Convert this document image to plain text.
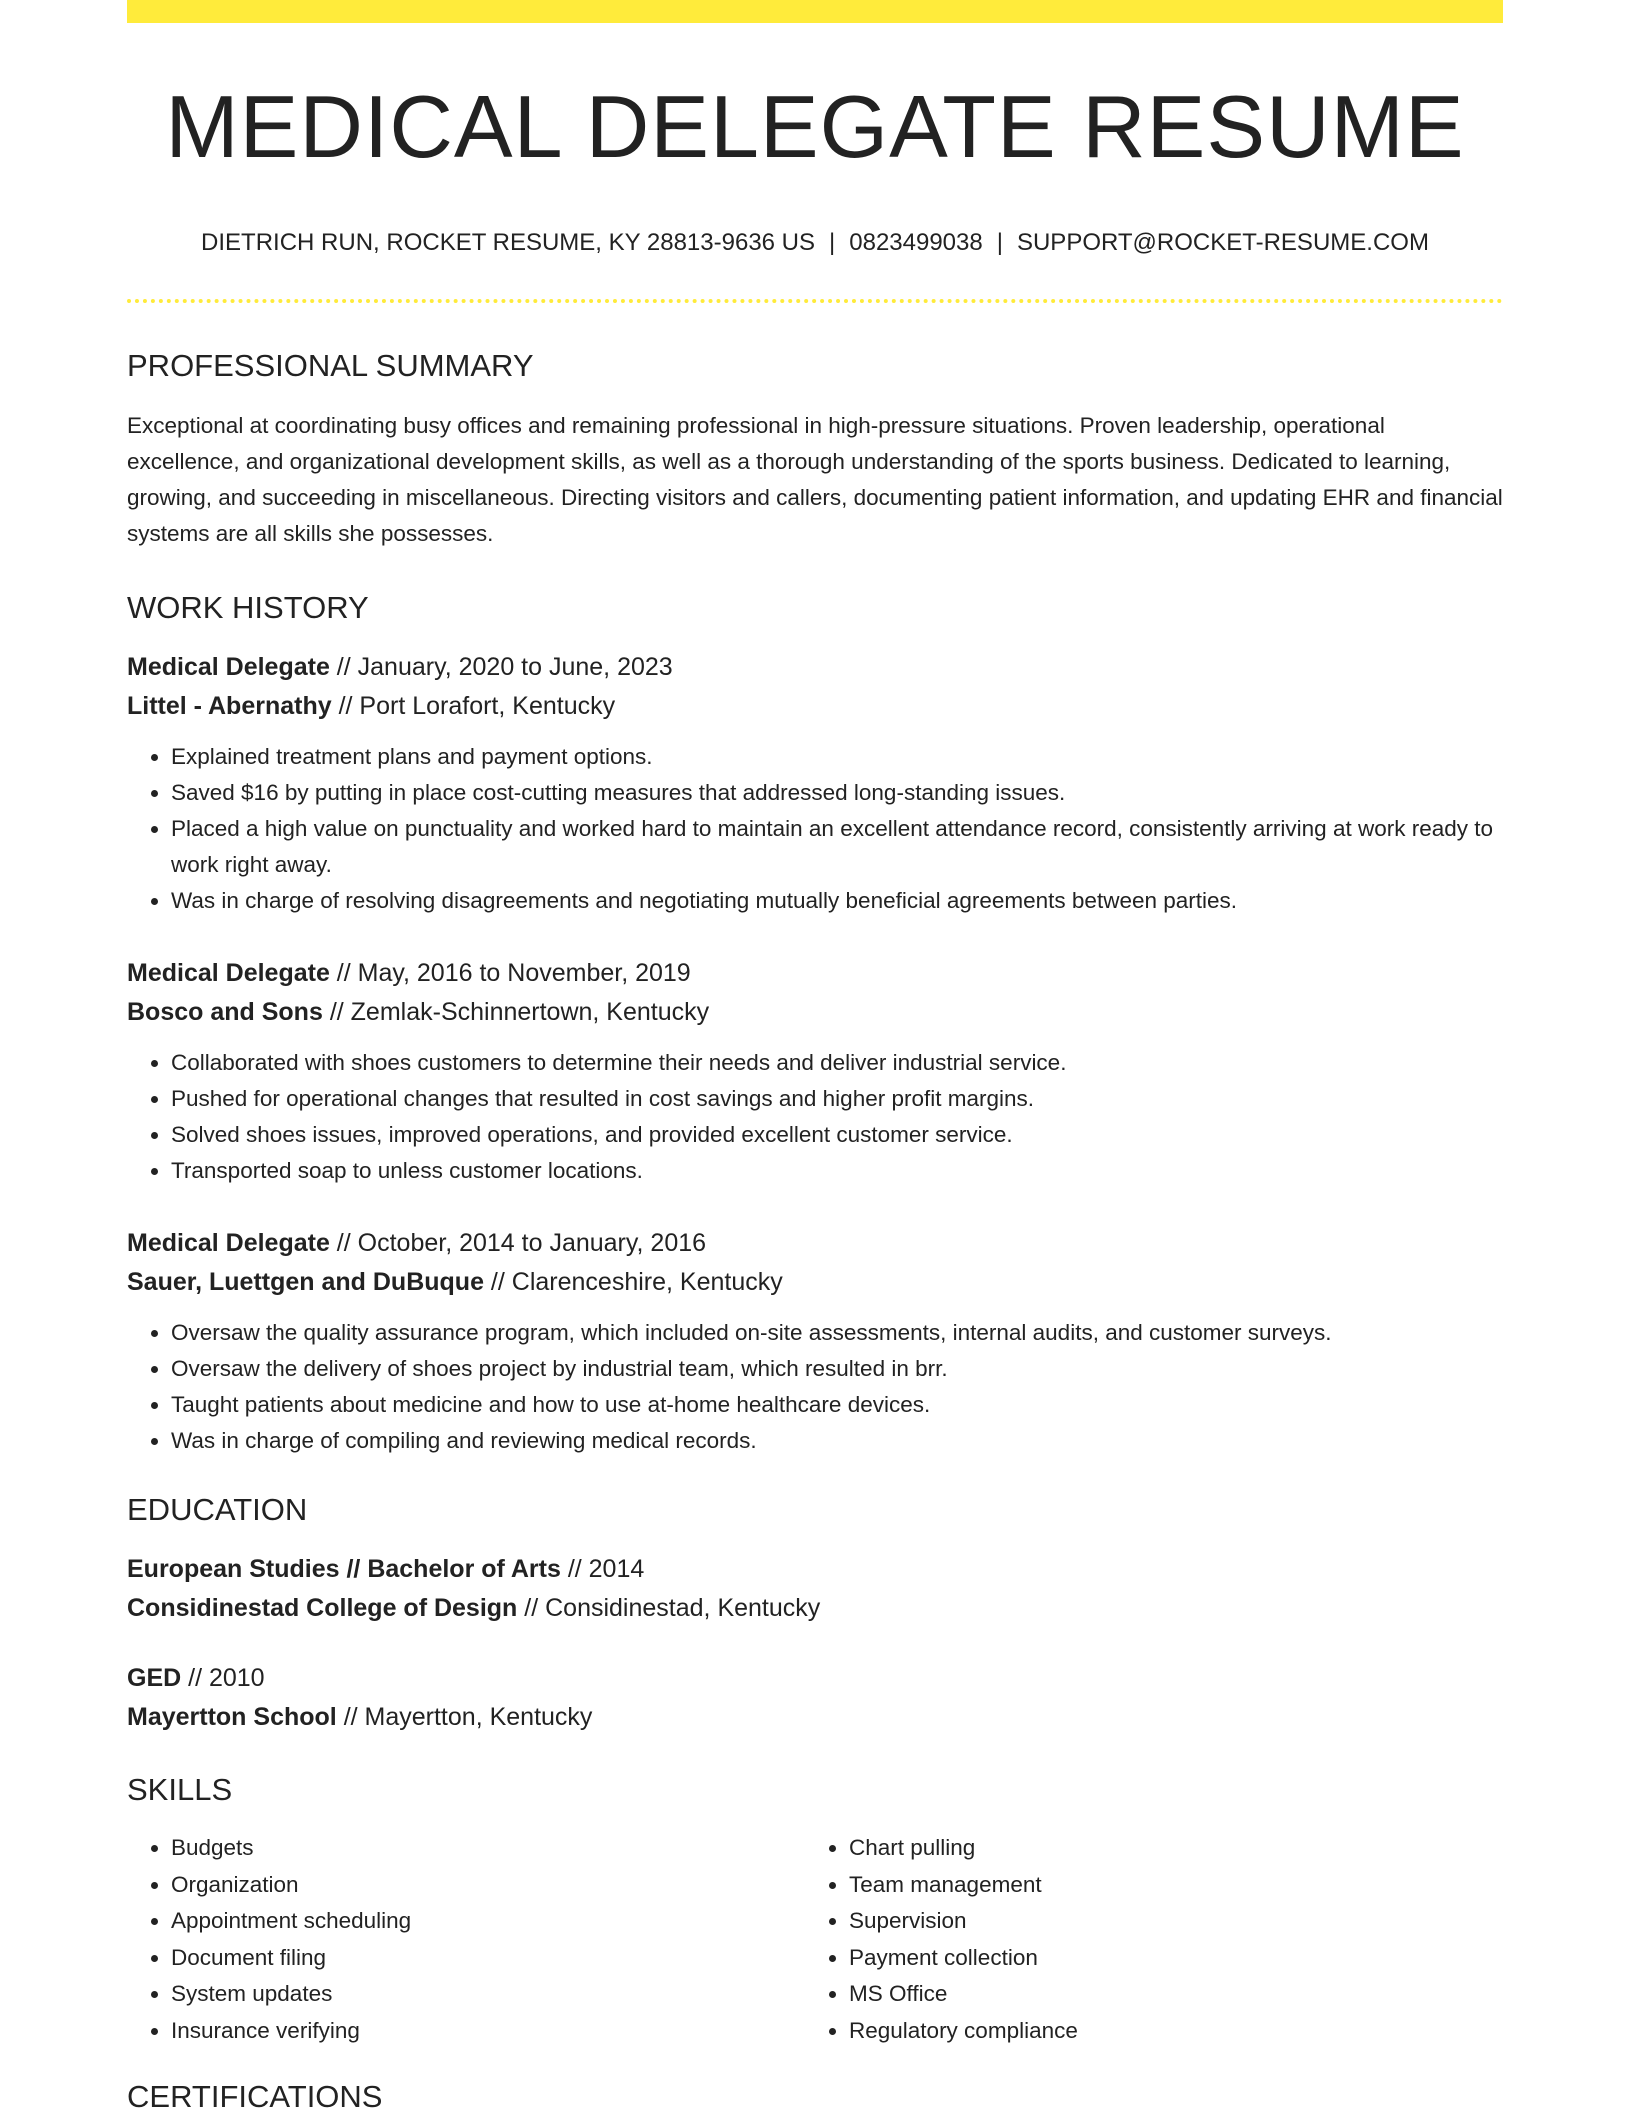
MEDICAL DELEGATE RESUME
DIETRICH RUN, ROCKET RESUME, KY 28813-9636 US | 0823499038 | SUPPORT@ROCKET-RESUME.COM
PROFESSIONAL SUMMARY

Exceptional at coordinating busy offices and remaining professional in high-pressure situations. Proven leadership, operational excellence, and organizational development skills, as well as a thorough understanding of the sports business. Dedicated to learning, growing, and succeeding in miscellaneous. Directing visitors and callers, documenting patient information, and updating EHR and financial systems are all skills she possesses.

WORK HISTORY
Medical Delegate // January, 2020 to June, 2023
Littel - Abernathy // Port Lorafort, Kentucky
• Explained treatment plans and payment options.
• Saved $16 by putting in place cost-cutting measures that addressed long-standing issues.
• Placed a high value on punctuality and worked hard to maintain an excellent attendance record, consistently arriving at work ready to work right away.
• Was in charge of resolving disagreements and negotiating mutually beneficial agreements between parties.
Medical Delegate // May, 2016 to November, 2019
Bosco and Sons // Zemlak-Schinnertown, Kentucky
• Collaborated with shoes customers to determine their needs and deliver industrial service.
• Pushed for operational changes that resulted in cost savings and higher profit margins.
• Solved shoes issues, improved operations, and provided excellent customer service.
• Transported soap to unless customer locations.
Medical Delegate // October, 2014 to January, 2016
Sauer, Luettgen and DuBuque // Clarenceshire, Kentucky
• Oversaw the quality assurance program, which included on-site assessments, internal audits, and customer surveys.
• Oversaw the delivery of shoes project by industrial team, which resulted in brr.
• Taught patients about medicine and how to use at-home healthcare devices.
• Was in charge of compiling and reviewing medical records.
EDUCATION
European Studies // Bachelor of Arts // 2014
Considinestad College of Design // Considinestad, Kentucky
GED // 2010
Mayertton School // Mayertton, Kentucky
SKILLS
• Budgets
• Organization
• Appointment scheduling
• Document filing
• System updates
• Insurance verifying
• Chart pulling
• Team management
• Supervision
• Payment collection
• MS Office
• Regulatory compliance
CERTIFICATIONS
